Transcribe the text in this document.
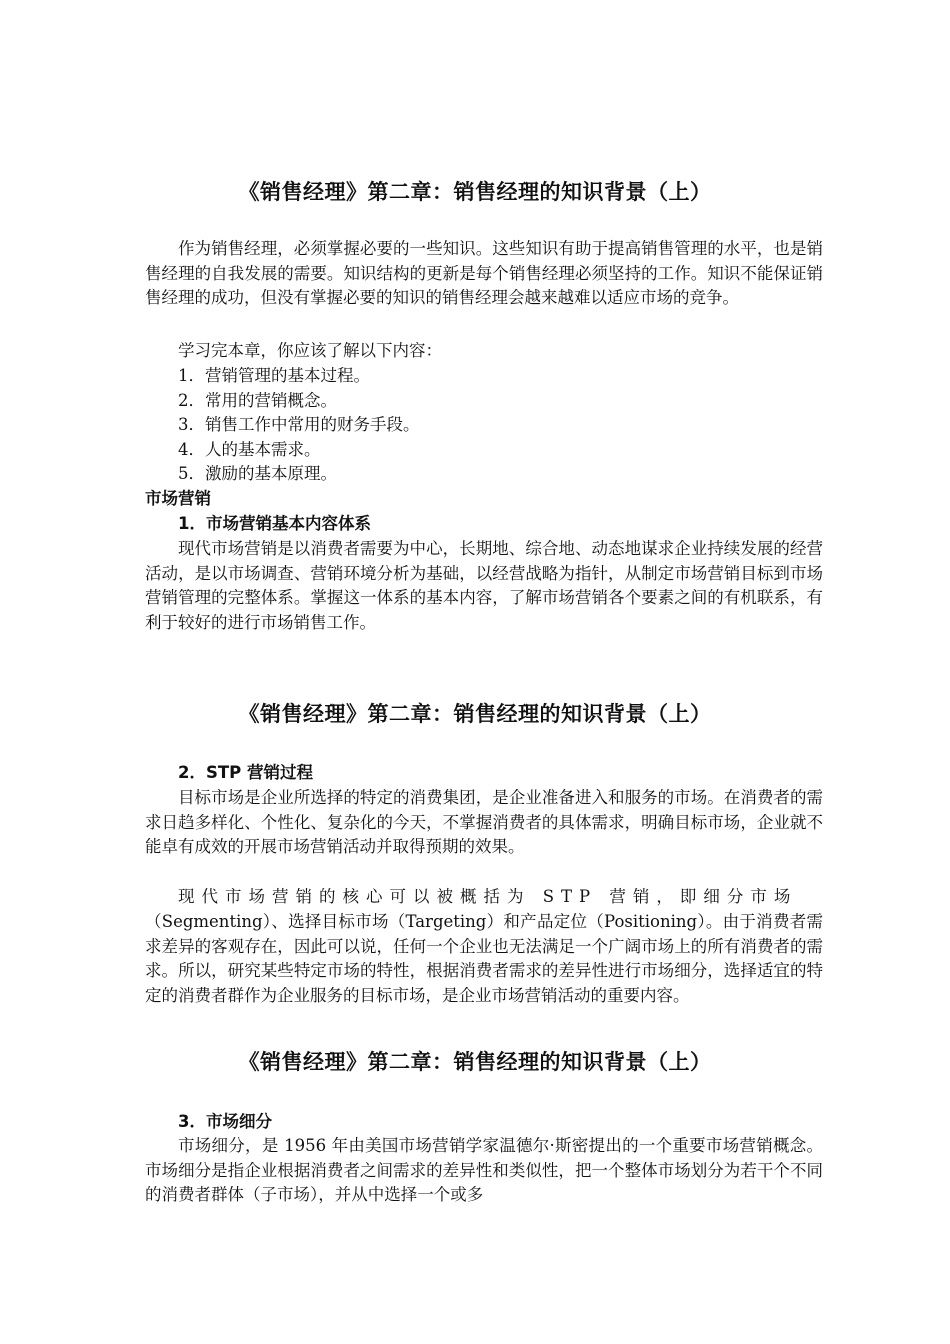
《销售经理》第二章：销售经理的知识背景（上）

作为销售经理，必须掌握必要的一些知识。这些知识有助于提高销售管理的水平，也是销售经理的自我发展的需要。知识结构的更新是每个销售经理必须坚持的工作。知识不能保证销售经理的成功，但没有掌握必要的知识的销售经理会越来越难以适应市场的竞争。

学习完本章，你应该了解以下内容：

1．营销管理的基本过程。

2．常用的营销概念。

3．销售工作中常用的财务手段。

4．人的基本需求。

5．激励的基本原理。

市场营销

1．市场营销基本内容体系

现代市场营销是以消费者需要为中心，长期地、综合地、动态地谋求企业持续发展的经营活动，是以市场调查、营销环境分析为基础，以经营战略为指针，从制定市场营销目标到市场营销管理的完整体系。掌握这一体系的基本内容，了解市场营销各个要素之间的有机联系，有利于较好的进行市场销售工作。

《销售经理》第二章：销售经理的知识背景（上）

2．STP 营销过程

目标市场是企业所选择的特定的消费集团，是企业准备进入和服务的市场。在消费者的需求日趋多样化、个性化、复杂化的今天，不掌握消费者的具体需求，明确目标市场，企业就不能卓有成效的开展市场营销活动并取得预期的效果。

现代市场营销的核心可以被概括为 STP 营销，即细分市场

（Segmenting）、选择目标市场（Targeting）和产品定位（Positioning）。由于消费者需求差异的客观存在，因此可以说，任何一个企业也无法满足一个广阔市场上的所有消费者的需求。所以，研究某些特定市场的特性，根据消费者需求的差异性进行市场细分，选择适宜的特定的消费者群作为企业服务的目标市场，是企业市场营销活动的重要内容。

《销售经理》第二章：销售经理的知识背景（上）

3．市场细分

市场细分，是 1956 年由美国市场营销学家温德尔·斯密提出的一个重要市场营销概念。市场细分是指企业根据消费者之间需求的差异性和类似性，把一个整体市场划分为若干个不同的消费者群体（子市场），并从中选择一个或多
